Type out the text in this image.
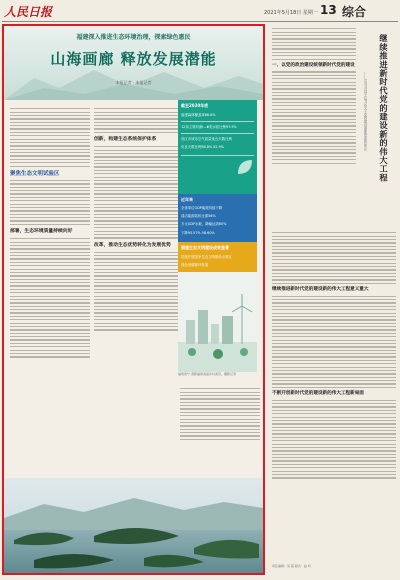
人民日报	2021年5月18日 星期一 13 综合
福建深入推进生态环境治理，探索绿色惠民
山海画廊 释放发展潜能
本报记者 · 本报记者
聚焦生态文明试验区
部署，生态环境质量持续向好
创新，构建生态系统保护体系
改革，推动生态优势转化为发展优势
截至2020年底
福建森林覆盖率66.8%
12条主要河流Ⅰ—Ⅲ类水质比例97.9%
设区市城市空气质量优良天数比例
优良天数比例98.8% 82.9%
近年来
全省单位GDP能耗持续下降
清洁能源装机比重56%
万元GDP水耗，降幅达到80%
下降95.57% 58.60%
福建生态文明建设成效显著
持续开展国家生态文明建设示范区
绿色低碳循环发展
福建泰宁·清新福建美丽乡村美景，摄影记者
继续推进新时代党的建设新的伟大工程
——学习习近平总书记关于党的建设重要论述的体会
一、以党的政治建设统领新时代党的建设
继续推进新时代党的建设新的伟大工程意义重大
不断开创新时代党的建设新的伟大工程新局面
责任编辑：吴 超 版式：赵 昕
